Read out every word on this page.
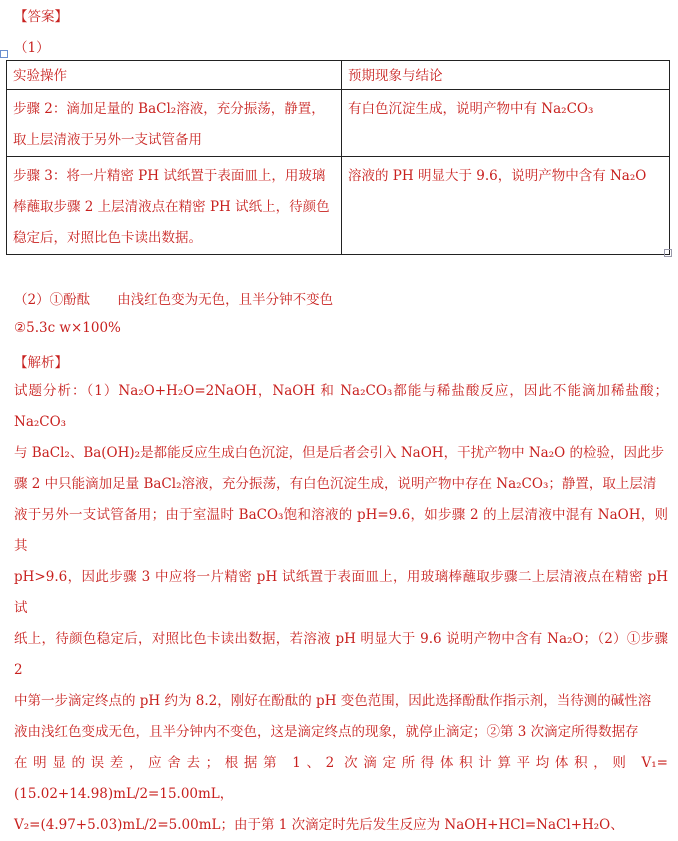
【答案】
（1）
实验操作	预期现象与结论

步骤 2：滴加足量的 BaCl₂溶液，充分振荡，静置，
取上层清液于另外一支试管备用	有白色沉淀生成，说明产物中有 Na₂CO₃

步骤 3：将一片精密 PH 试纸置于表面皿上，用玻璃
棒蘸取步骤 2 上层清液点在精密 PH 试纸上，待颜色
稳定后，对照比色卡读出数据。	溶液的 PH 明显大于 9.6，说明产物中含有 Na₂O
（2）①酚酞　　由浅红色变为无色，且半分钟不变色
②5.3c w×100%
【解析】
试题分析：（1）Na₂O+H₂O=2NaOH，NaOH 和 Na₂CO₃都能与稀盐酸反应，因此不能滴加稀盐酸；Na₂CO₃
与 BaCl₂、Ba(OH)₂是都能反应生成白色沉淀，但是后者会引入 NaOH，干扰产物中 Na₂O 的检验，因此步
骤 2 中只能滴加足量 BaCl₂溶液，充分振荡，有白色沉淀生成，说明产物中存在 Na₂CO₃；静置，取上层清
液于另外一支试管备用；由于室温时 BaCO₃饱和溶液的 pH=9.6，如步骤 2 的上层清液中混有 NaOH，则其
pH>9.6，因此步骤 3 中应将一片精密 pH 试纸置于表面皿上，用玻璃棒蘸取步骤二上层清液点在精密 pH 试
纸上，待颜色稳定后，对照比色卡读出数据，若溶液 pH 明显大于 9.6 说明产物中含有 Na₂O；（2）①步骤 2
中第一步滴定终点的 pH 约为 8.2，刚好在酚酞的 pH 变色范围，因此选择酚酞作指示剂，当待测的碱性溶
液由浅红色变成无色，且半分钟内不变色，这是滴定终点的现象，就停止滴定；②第 3 次滴定所得数据存
在明显的误差，应舍去；根据第 1、2 次滴定所得体积计算平均体积，则 V₁=(15.02+14.98)mL/2=15.00mL，
V₂=(4.97+5.03)mL/2=5.00mL；由于第 1 次滴定时先后发生反应为 NaOH+HCl=NaCl+H₂O、
